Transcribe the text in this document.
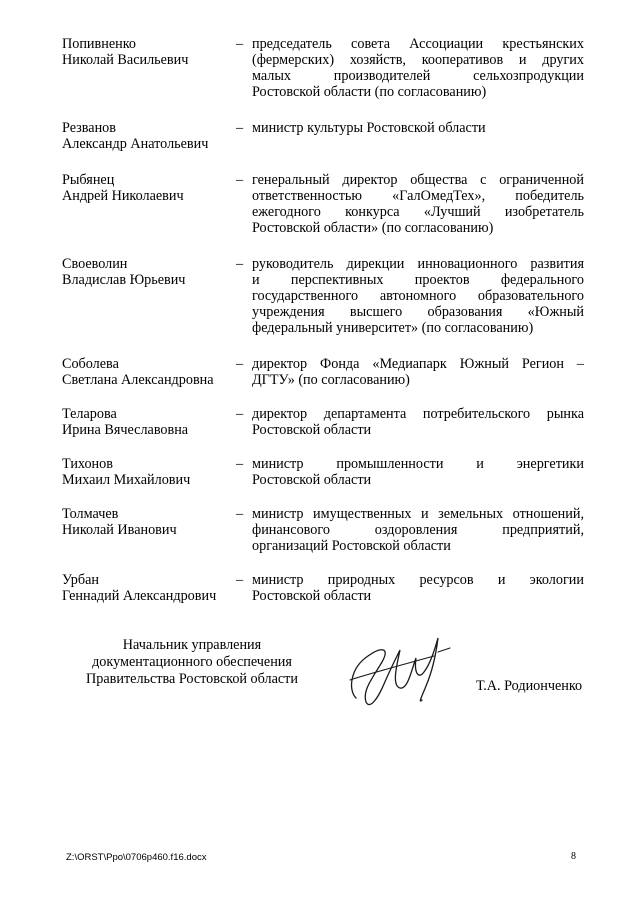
Попивненко
Николай Васильевич
– председатель совета Ассоциации крестьянских
(фермерских) хозяйств, кооперативов и других
малых производителей сельхозпродукции
Ростовской области (по согласованию)
Резванов
Александр Анатольевич
– министр культуры Ростовской области
Рыбянец
Андрей Николаевич
– генеральный директор общества с ограниченной
ответственностью «ГалОмедТех», победитель
ежегодного конкурса «Лучший изобретатель
Ростовской области» (по согласованию)
Своеволин
Владислав Юрьевич
– руководитель дирекции инновационного развития
и перспективных проектов федерального
государственного автономного образовательного
учреждения высшего образования «Южный
федеральный университет» (по согласованию)
Соболева
Светлана Александровна
– директор Фонда «Медиапарк Южный Регион –
ДГТУ» (по согласованию)
Теларова
Ирина Вячеславовна
– директор департамента потребительского рынка
Ростовской области
Тихонов
Михаил Михайлович
– министр промышленности и энергетики
Ростовской области
Толмачев
Николай Иванович
– министр имущественных и земельных отношений,
финансового оздоровления предприятий,
организаций Ростовской области
Урбан
Геннадий Александрович
– министр природных ресурсов и экологии
Ростовской области
Начальник управления
документационного обеспечения
Правительства Ростовской области	Т.А. Родионченко
Z:\ORST\Ppo\0706p460.f16.docx	8
